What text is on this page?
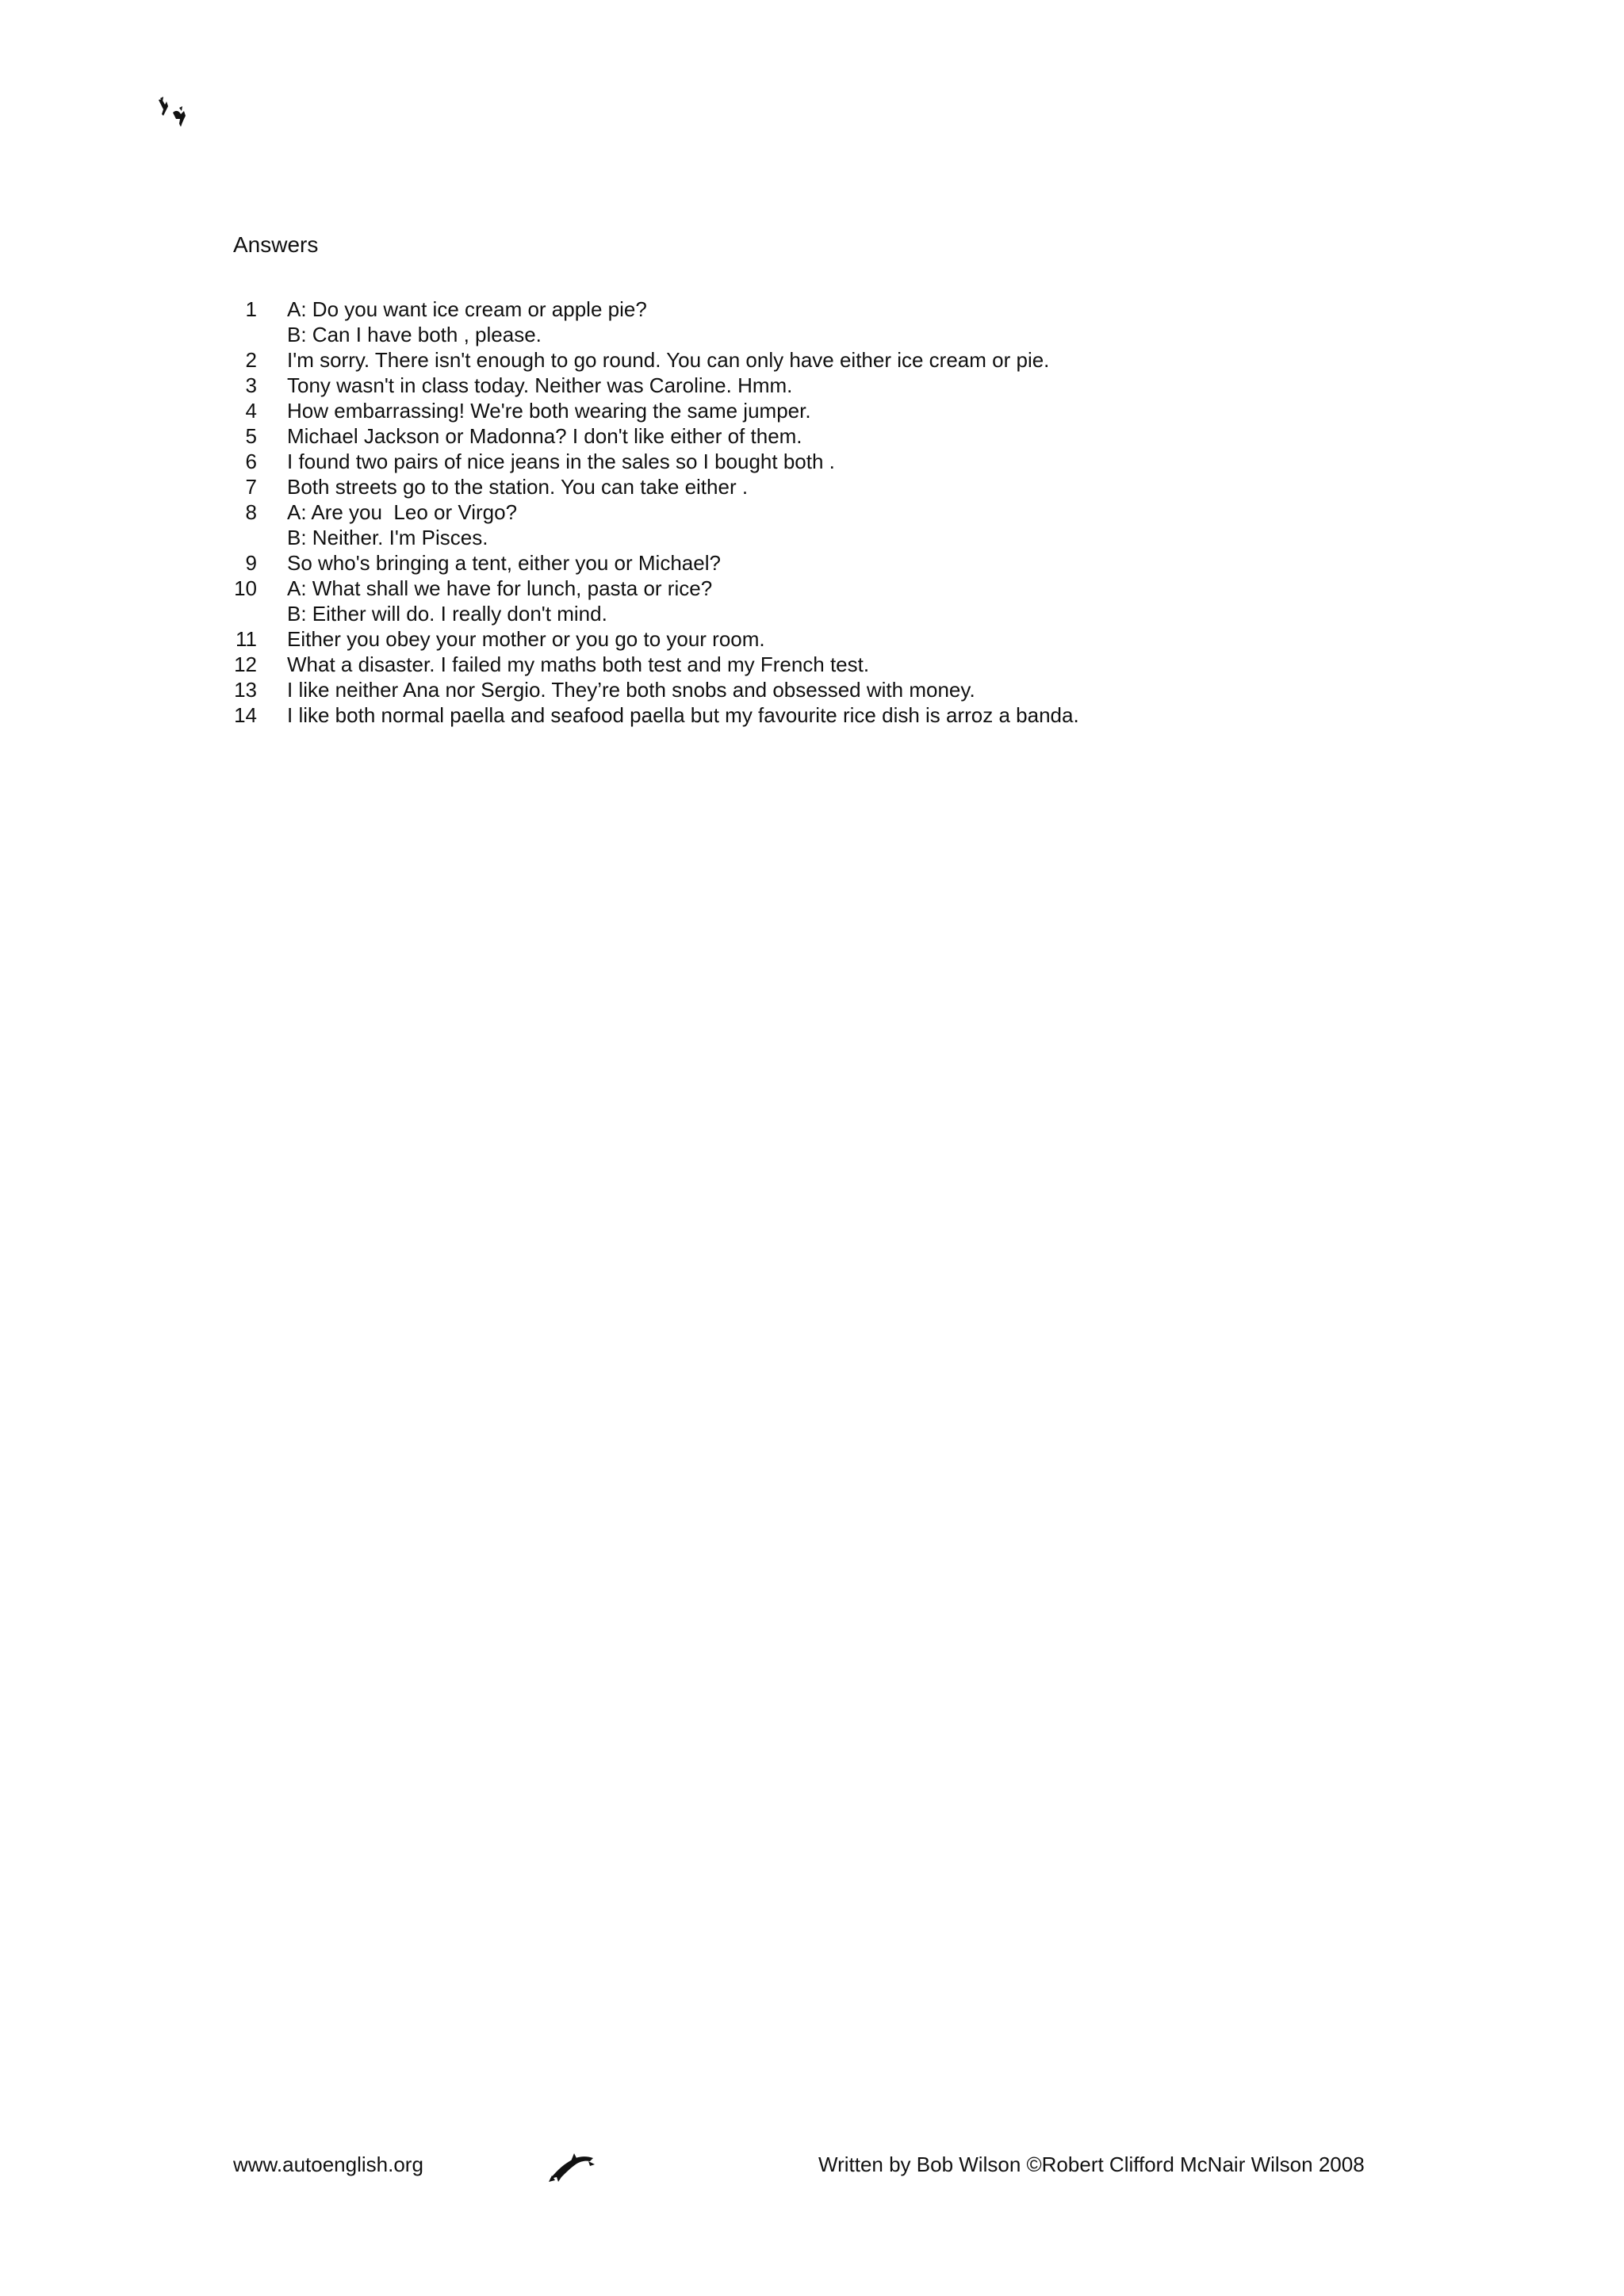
Answers
1 A: Do you want ice cream or apple pie?
B: Can I have both , please.
2 I'm sorry. There isn't enough to go round. You can only have either ice cream or pie.
3 Tony wasn't in class today. Neither was Caroline. Hmm.
4 How embarrassing! We're both wearing the same jumper.
5 Michael Jackson or Madonna? I don't like either of them.
6 I found two pairs of nice jeans in the sales so I bought both .
7 Both streets go to the station. You can take either .
8 A: Are you  Leo or Virgo?
B: Neither. I'm Pisces.
9 So who's bringing a tent, either you or Michael?
10 A: What shall we have for lunch, pasta or rice?
B: Either will do. I really don't mind.
11 Either you obey your mother or you go to your room.
12 What a disaster. I failed my maths both test and my French test.
13 I like neither Ana nor Sergio. They’re both snobs and obsessed with money.
14 I like both normal paella and seafood paella but my favourite rice dish is arroz a banda.
www.autoenglish.org	Written by Bob Wilson ©Robert Clifford McNair Wilson 2008
